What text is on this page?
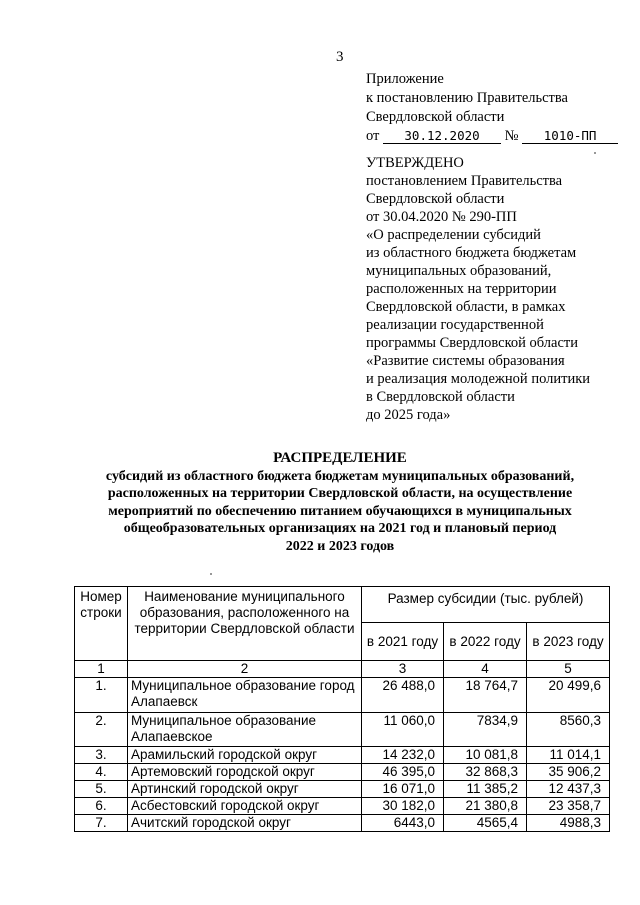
3
Приложение
к постановлению Правительства
Свердловской области
от 30.12.2020 № 1010-ПП
УТВЕРЖДЕНО
постановлением Правительства
Свердловской области
от 30.04.2020 № 290-ПП
«О распределении субсидий
из областного бюджета бюджетам
муниципальных образований,
расположенных на территории
Свердловской области, в рамках
реализации государственной
программы Свердловской области
«Развитие системы образования
и реализация молодежной политики
в Свердловской области
до 2025 года»
РАСПРЕДЕЛЕНИЕ
субсидий из областного бюджета бюджетам муниципальных образований,
расположенных на территории Свердловской области, на осуществление
мероприятий по обеспечению питанием обучающихся в муниципальных
общеобразовательных организациях на 2021 год и плановый период
2022 и 2023 годов
Номер строки	Наименование муниципального образования, расположенного на территории Свердловской области	Размер субсидии (тыс. рублей)		
		в 2021 году	в 2022 году	в 2023 году
1	2	3	4	5
1.	Муниципальное образование город Алапаевск	26 488,0	18 764,7	20 499,6
2.	Муниципальное образование Алапаевское	11 060,0	7834,9	8560,3
3.	Арамильский городской округ	14 232,0	10 081,8	11 014,1
4.	Артемовский городской округ	46 395,0	32 868,3	35 906,2
5.	Артинский городской округ	16 071,0	11 385,2	12 437,3
6.	Асбестовский городской округ	30 182,0	21 380,8	23 358,7
7.	Ачитский городской округ	6443,0	4565,4	4988,3
